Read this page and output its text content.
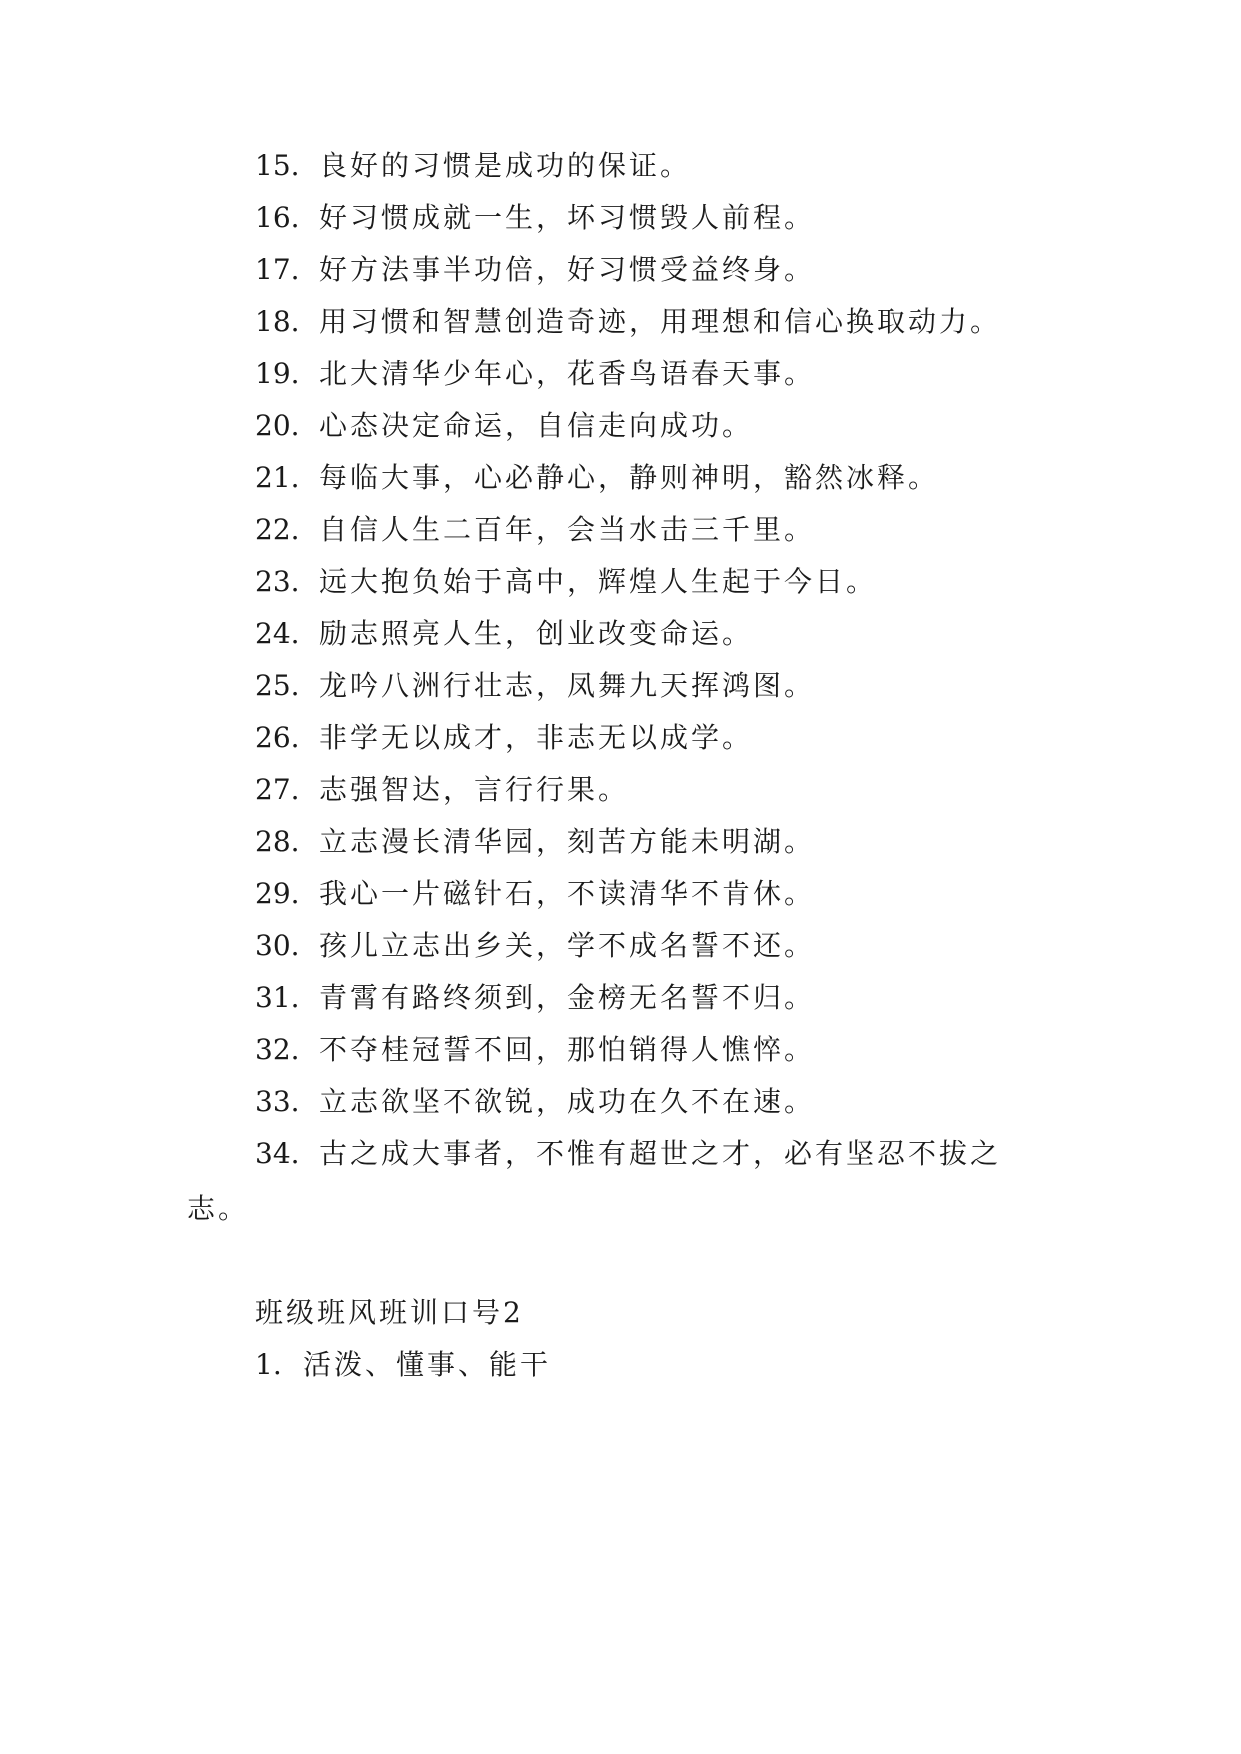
15. 良好的习惯是成功的保证。
16. 好习惯成就一生，坏习惯毁人前程。
17. 好方法事半功倍，好习惯受益终身。
18. 用习惯和智慧创造奇迹，用理想和信心换取动力。
19. 北大清华少年心，花香鸟语春天事。
20. 心态决定命运，自信走向成功。
21. 每临大事，心必静心，静则神明，豁然冰释。
22. 自信人生二百年，会当水击三千里。
23. 远大抱负始于高中，辉煌人生起于今日。
24. 励志照亮人生，创业改变命运。
25. 龙吟八洲行壮志，凤舞九天挥鸿图。
26. 非学无以成才，非志无以成学。
27. 志强智达，言行行果。
28. 立志漫长清华园，刻苦方能未明湖。
29. 我心一片磁针石，不读清华不肯休。
30. 孩儿立志出乡关，学不成名誓不还。
31. 青霄有路终须到，金榜无名誓不归。
32. 不夺桂冠誓不回，那怕销得人憔悴。
33. 立志欲坚不欲锐，成功在久不在速。
34. 古之成大事者，不惟有超世之才，必有坚忍不拔之
志。
班级班风班训口号2
1. 活泼、懂事、能干
